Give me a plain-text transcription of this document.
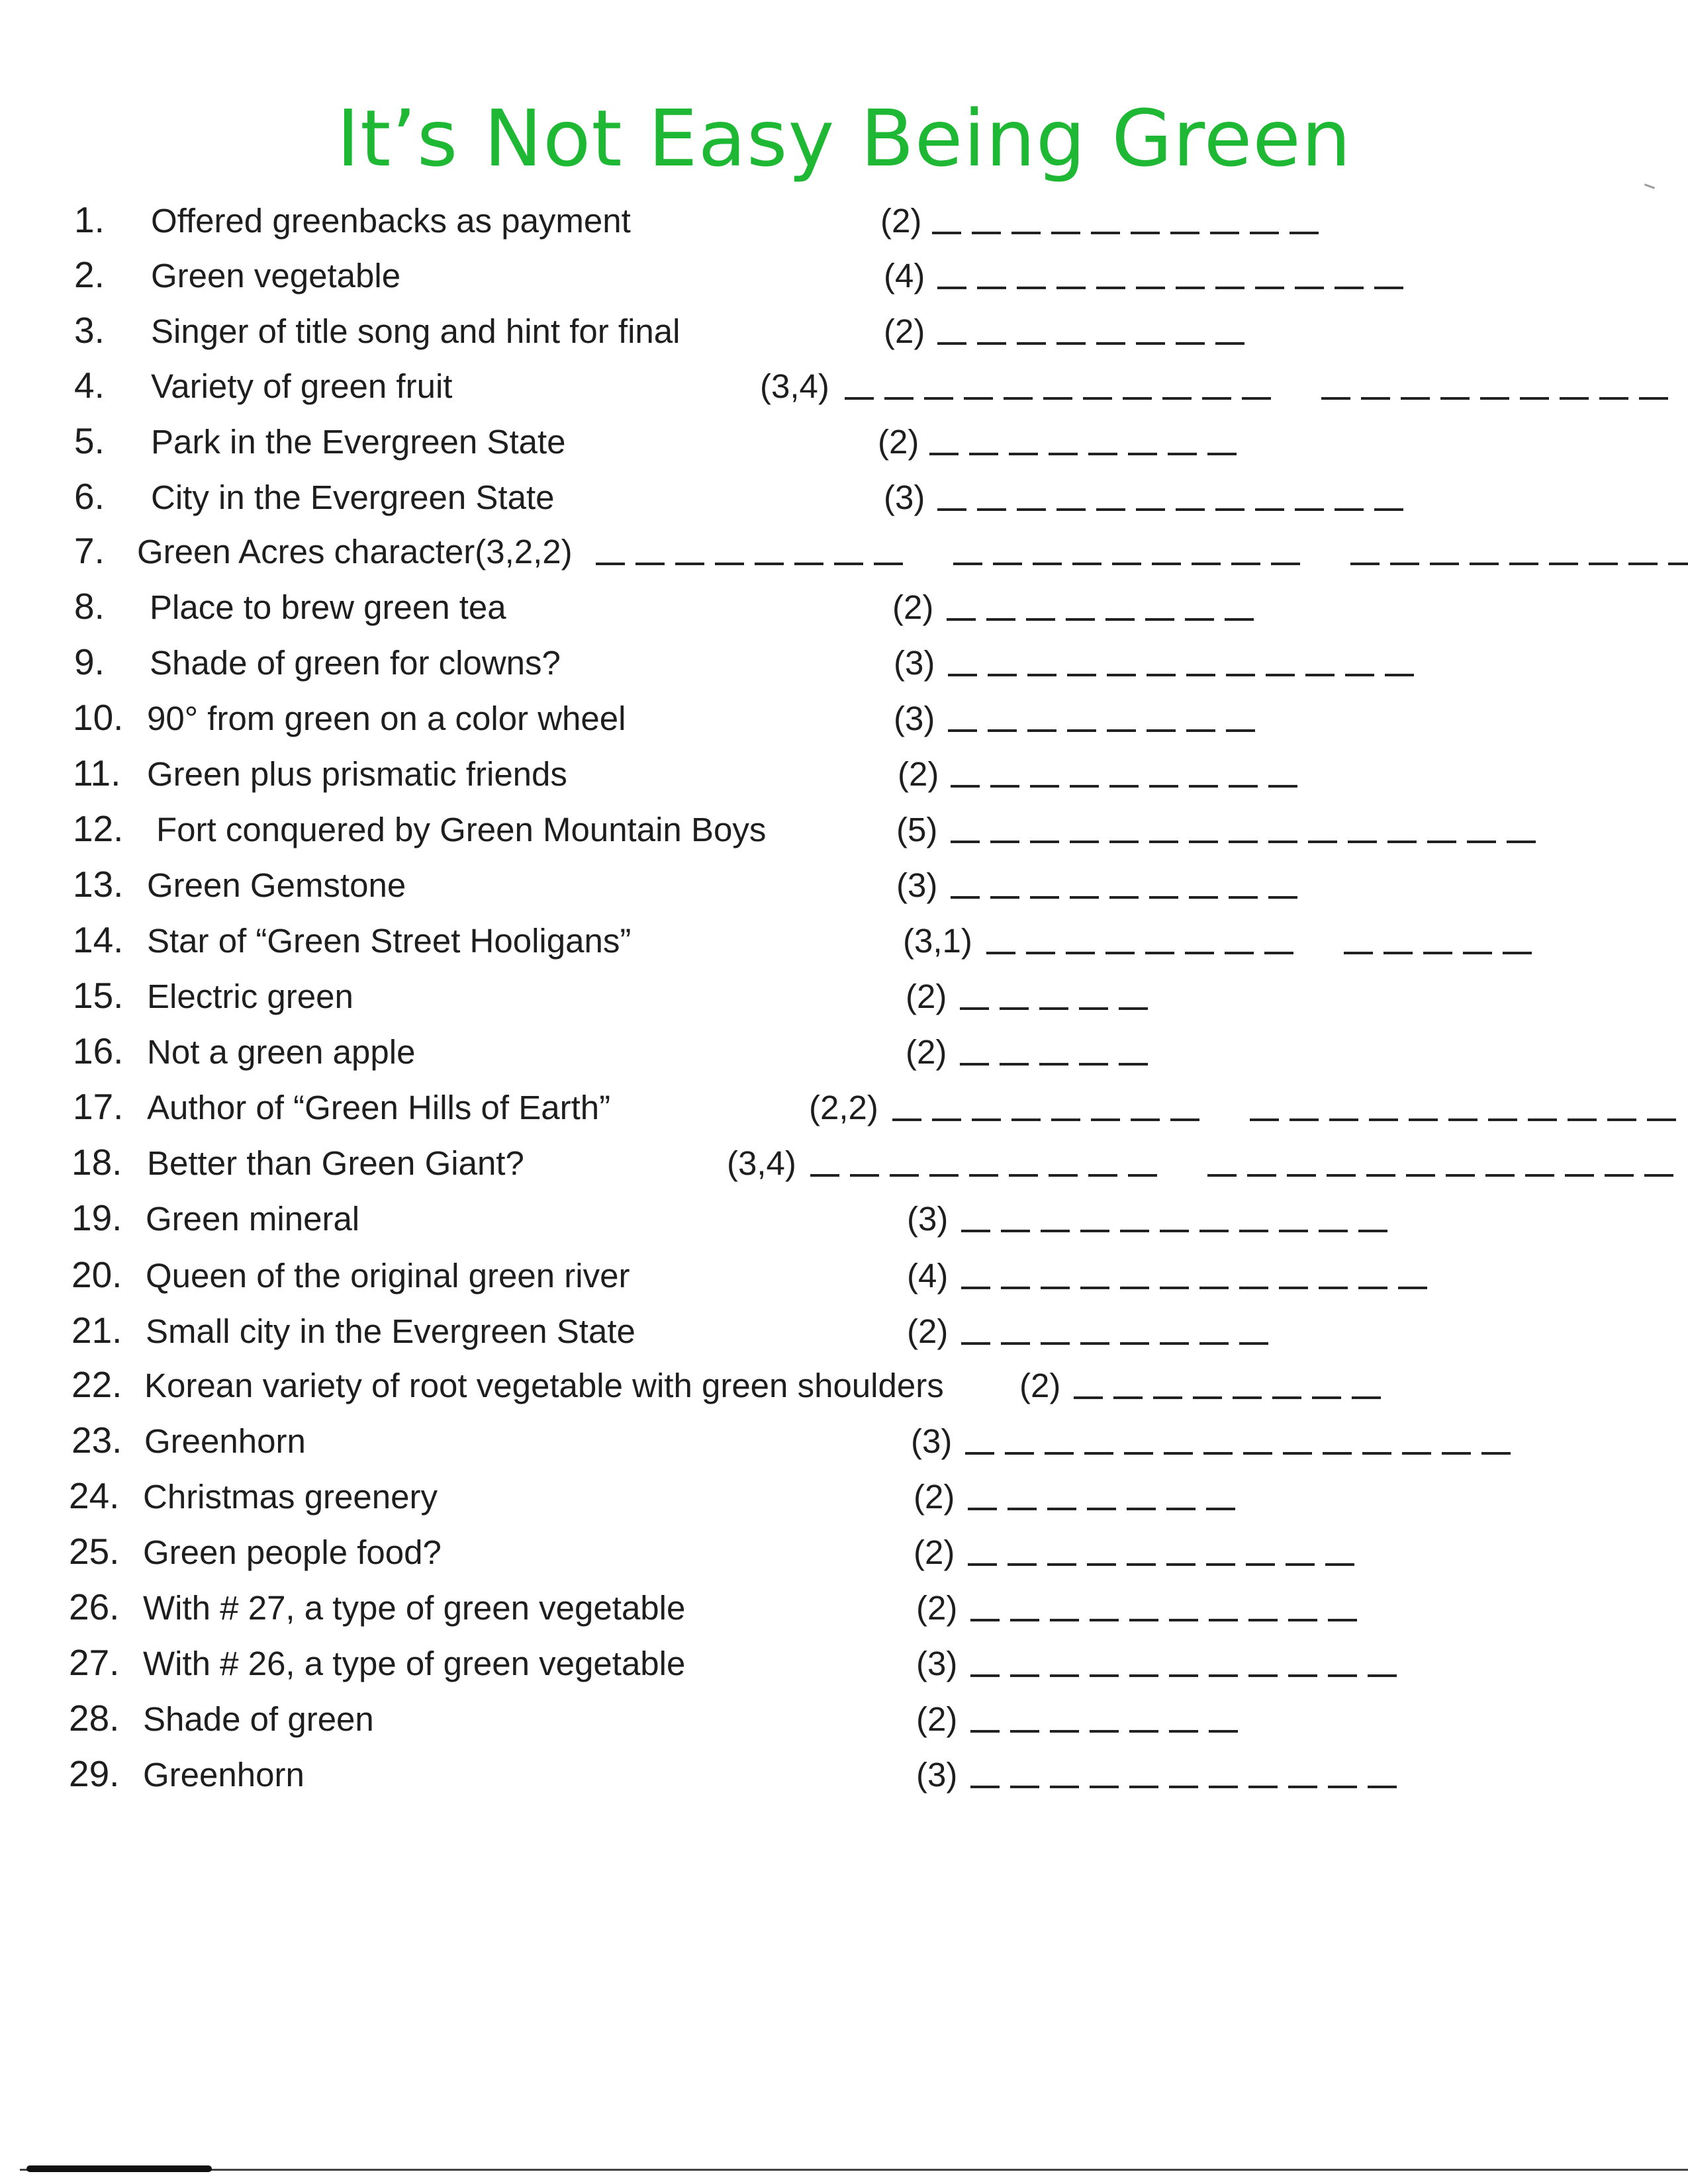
It’s Not Easy Being Green
1. Offered greenbacks as payment	(2)
2. Green vegetable	(4)
3. Singer of title song and hint for final	(2)
4. Variety of green fruit	(3,4)
5. Park in the Evergreen State	(2)
6. City in the Evergreen State	(3)
7. Green Acres character(3,2,2)
8. Place to brew green tea	(2)
9. Shade of green for clowns?	(3)
10. 90° from green on a color wheel	(3)
11. Green plus prismatic friends	(2)
12. Fort conquered by Green Mountain Boys	(5)
13. Green Gemstone	(3)
14. Star of “Green Street Hooligans”	(3,1)
15. Electric green	(2)
16. Not a green apple	(2)
17. Author of “Green Hills of Earth”	(2,2)
18. Better than Green Giant?	(3,4)
19. Green mineral	(3)
20. Queen of the original green river	(4)
21. Small city in the Evergreen State	(2)
22. Korean variety of root vegetable with green shoulders (2)
23. Greenhorn	(3)
24. Christmas greenery	(2)
25. Green people food?	(2)
26. With # 27, a type of green vegetable	(2)
27. With # 26, a type of green vegetable	(3)
28. Shade of green	(2)
29. Greenhorn	(3)
